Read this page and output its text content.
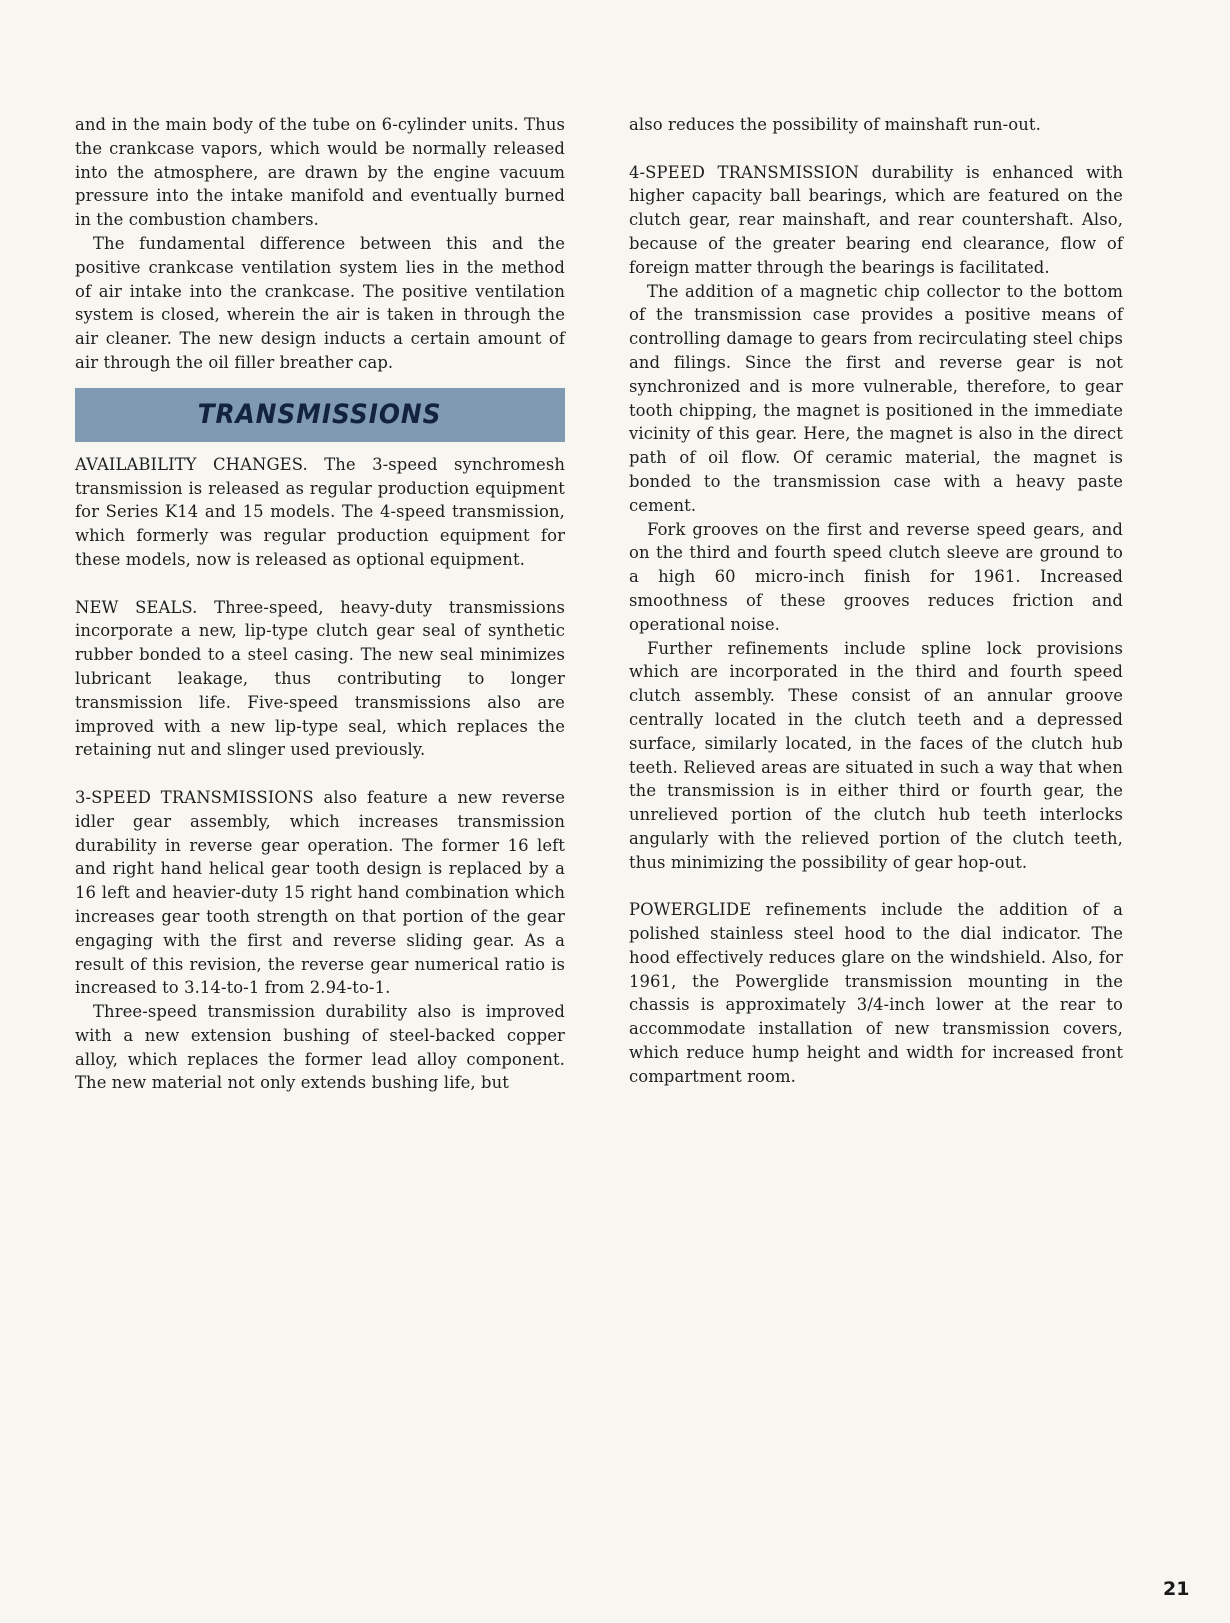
and in the main body of the tube on 6-cylinder units. Thus the crankcase vapors, which would be normally released into the atmosphere, are drawn by the engine vacuum pressure into the intake manifold and eventually burned in the combustion chambers.

The fundamental difference between this and the positive crankcase ventilation system lies in the method of air intake into the crankcase. The positive ventilation system is closed, wherein the air is taken in through the air cleaner. The new design inducts a certain amount of air through the oil filler breather cap.

TRANSMISSIONS

AVAILABILITY CHANGES. The 3-speed synchromesh transmission is released as regular production equipment for Series K14 and 15 models. The 4-speed transmission, which formerly was regular production equipment for these models, now is released as optional equipment.

NEW SEALS. Three-speed, heavy-duty transmissions incorporate a new, lip-type clutch gear seal of synthetic rubber bonded to a steel casing. The new seal minimizes lubricant leakage, thus contributing to longer transmission life. Five-speed transmissions also are improved with a new lip-type seal, which replaces the retaining nut and slinger used previously.

3-SPEED TRANSMISSIONS also feature a new reverse idler gear assembly, which increases transmission durability in reverse gear operation. The former 16 left and right hand helical gear tooth design is replaced by a 16 left and heavier-duty 15 right hand combination which increases gear tooth strength on that portion of the gear engaging with the first and reverse sliding gear. As a result of this revision, the reverse gear numerical ratio is increased to 3.14-to-1 from 2.94-to-1.

Three-speed transmission durability also is improved with a new extension bushing of steel-backed copper alloy, which replaces the former lead alloy component. The new material not only extends bushing life, but

also reduces the possibility of mainshaft run-out.

4-SPEED TRANSMISSION durability is enhanced with higher capacity ball bearings, which are featured on the clutch gear, rear mainshaft, and rear countershaft. Also, because of the greater bearing end clearance, flow of foreign matter through the bearings is facilitated.

The addition of a magnetic chip collector to the bottom of the transmission case provides a positive means of controlling damage to gears from recirculating steel chips and filings. Since the first and reverse gear is not synchronized and is more vulnerable, therefore, to gear tooth chipping, the magnet is positioned in the immediate vicinity of this gear. Here, the magnet is also in the direct path of oil flow. Of ceramic material, the magnet is bonded to the transmission case with a heavy paste cement.

Fork grooves on the first and reverse speed gears, and on the third and fourth speed clutch sleeve are ground to a high 60 micro-inch finish for 1961. Increased smoothness of these grooves reduces friction and operational noise.

Further refinements include spline lock provisions which are incorporated in the third and fourth speed clutch assembly. These consist of an annular groove centrally located in the clutch teeth and a depressed surface, similarly located, in the faces of the clutch hub teeth. Relieved areas are situated in such a way that when the transmission is in either third or fourth gear, the unrelieved portion of the clutch hub teeth interlocks angularly with the relieved portion of the clutch teeth, thus minimizing the possibility of gear hop-out.

POWERGLIDE refinements include the addition of a polished stainless steel hood to the dial indicator. The hood effectively reduces glare on the windshield. Also, for 1961, the Powerglide transmission mounting in the chassis is approximately 3/4-inch lower at the rear to accommodate installation of new transmission covers, which reduce hump height and width for increased front compartment room.

21
